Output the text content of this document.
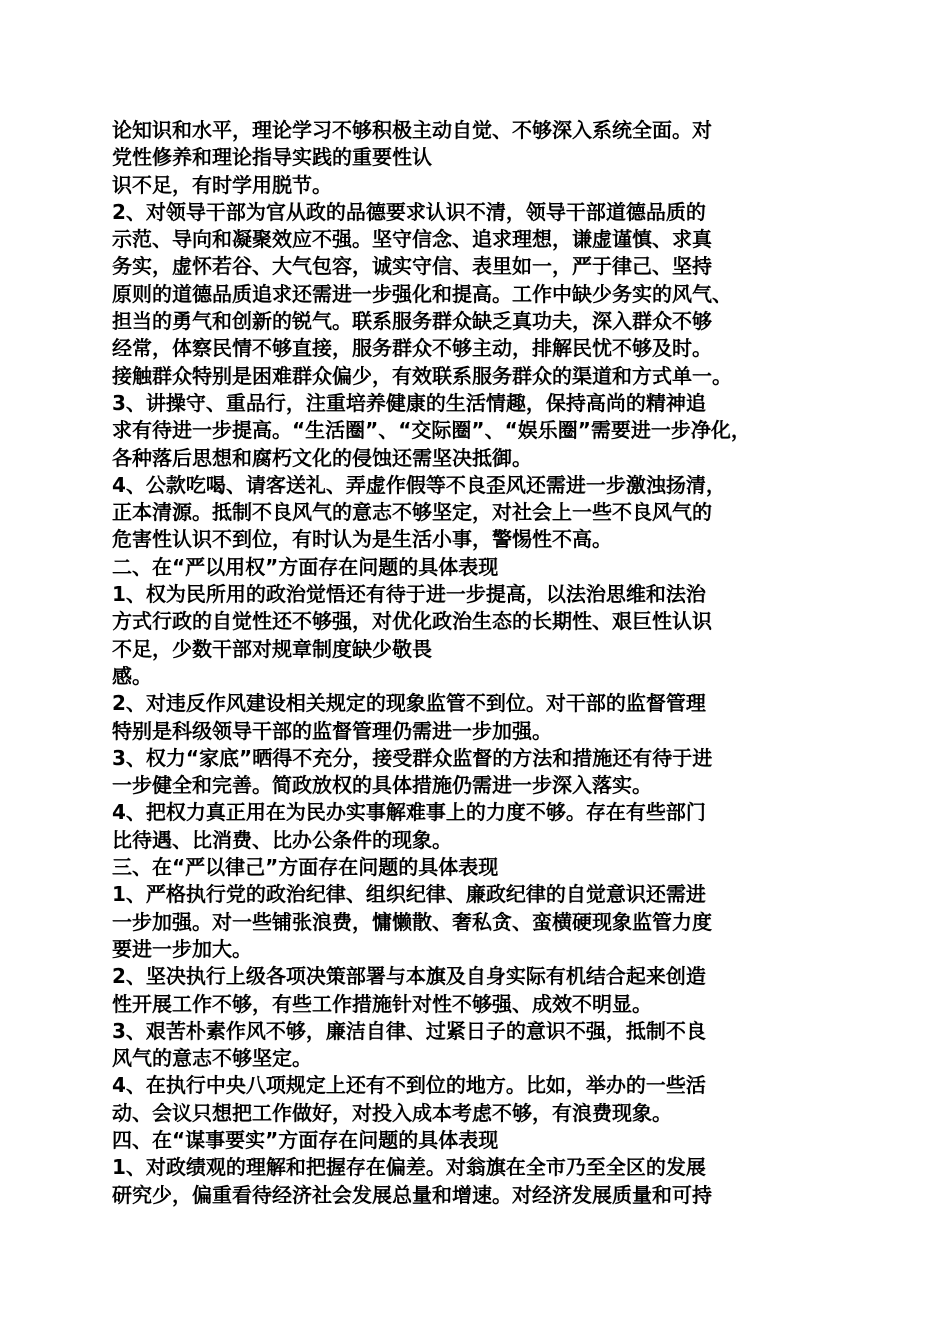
论知识和水平，理论学习不够积极主动自觉、不够深入系统全面。对
党性修养和理论指导实践的重要性认
识不足，有时学用脱节。
2、对领导干部为官从政的品德要求认识不清，领导干部道德品质的
示范、导向和凝聚效应不强。坚守信念、追求理想，谦虚谨慎、求真
务实，虚怀若谷、大气包容，诚实守信、表里如一，严于律己、坚持
原则的道德品质追求还需进一步强化和提高。工作中缺少务实的风气、
担当的勇气和创新的锐气。联系服务群众缺乏真功夫，深入群众不够
经常，体察民情不够直接，服务群众不够主动，排解民忧不够及时。
接触群众特别是困难群众偏少，有效联系服务群众的渠道和方式单一。
3、讲操守、重品行，注重培养健康的生活情趣，保持高尚的精神追
求有待进一步提高。“生活圈”、“交际圈”、“娱乐圈”需要进一步净化，
各种落后思想和腐朽文化的侵蚀还需坚决抵御。
4、公款吃喝、请客送礼、弄虚作假等不良歪风还需进一步激浊扬清，
正本清源。抵制不良风气的意志不够坚定，对社会上一些不良风气的
危害性认识不到位，有时认为是生活小事，警惕性不高。
二、在“严以用权”方面存在问题的具体表现
1、权为民所用的政治觉悟还有待于进一步提高，以法治思维和法治
方式行政的自觉性还不够强，对优化政治生态的长期性、艰巨性认识
不足，少数干部对规章制度缺少敬畏
感。
2、对违反作风建设相关规定的现象监管不到位。对干部的监督管理
特别是科级领导干部的监督管理仍需进一步加强。
3、权力“家底”晒得不充分，接受群众监督的方法和措施还有待于进
一步健全和完善。简政放权的具体措施仍需进一步深入落实。
4、把权力真正用在为民办实事解难事上的力度不够。存在有些部门
比待遇、比消费、比办公条件的现象。
三、在“严以律己”方面存在问题的具体表现
1、严格执行党的政治纪律、组织纪律、廉政纪律的自觉意识还需进
一步加强。对一些铺张浪费，慵懒散、奢私贪、蛮横硬现象监管力度
要进一步加大。
2、坚决执行上级各项决策部署与本旗及自身实际有机结合起来创造
性开展工作不够，有些工作措施针对性不够强、成效不明显。
3、艰苦朴素作风不够，廉洁自律、过紧日子的意识不强，抵制不良
风气的意志不够坚定。
4、在执行中央八项规定上还有不到位的地方。比如，举办的一些活
动、会议只想把工作做好，对投入成本考虑不够，有浪费现象。
四、在“谋事要实”方面存在问题的具体表现
1、对政绩观的理解和把握存在偏差。对翁旗在全市乃至全区的发展
研究少，偏重看待经济社会发展总量和增速。对经济发展质量和可持
